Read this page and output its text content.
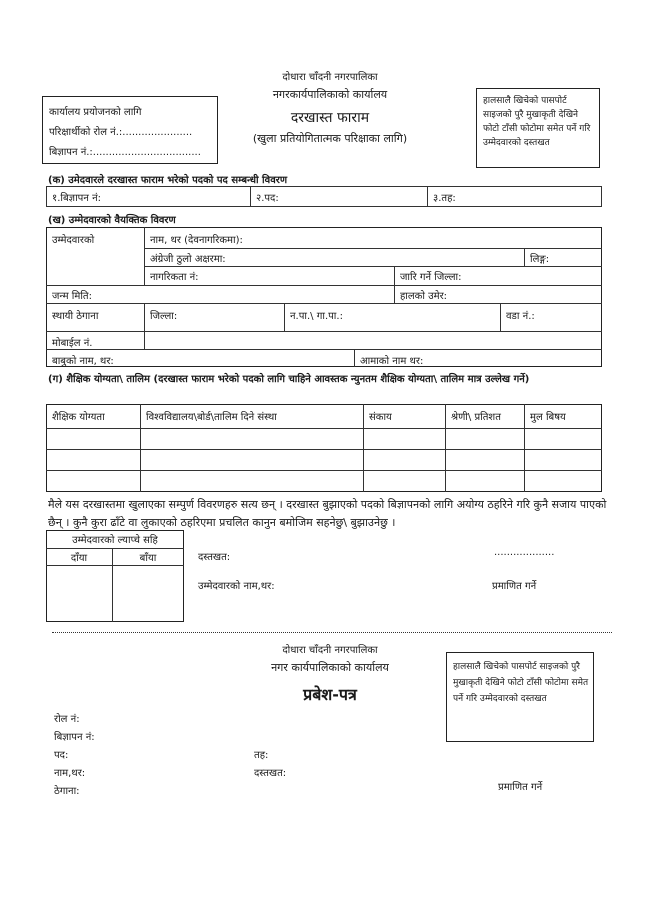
दोधारा चाँदनी नगरपालिका
नगरकार्यपालिकाको कार्यालय
दरखास्त फाराम
(खुला प्रतियोगितात्मक परिक्षाका लागि)
कार्यालय प्रयोजनको लागि
परिक्षार्थीको रोल नं.:......................
बिज्ञापन नं.:..................................
हालसालै खिचेको पासपोर्ट साइजको पुरै मुखाकृती देखिने फोटो टाँसी फोटोमा समेत पर्ने गरि उम्मेदवारको दस्तखत
(क) उमेदवारले दरखास्त फाराम भरेको पदको पद सम्बन्धी विवरण
१.बिज्ञापन नं:	२.पद:	३.तह:
(ख) उम्मेदवारको वैयक्तिक विवरण
उम्मेदवारको	नाम, थर (देवनागरिकमा):
अंग्रेजी ठुलो अक्षरमा:	लिङ्ग:
नागरिकता नं:	जारि गर्ने जिल्ला:
जन्म मिति:	हालको उमेर:
स्थायी ठेगाना	जिल्ला:	न.पा.\ गा.पा.:	वडा नं.:
मोबाईल नं.
बाबुको नाम, थर:	आमाको नाम थर:
(ग) शैक्षिक योग्यता\ तालिम (दरखास्त फाराम भरेको पदको लागि चाहिने आवस्तक न्युनतम शैक्षिक योग्यता\ तालिम मात्र उल्लेख गर्ने)
शैक्षिक योग्यता	विश्वविद्यालय\बोर्ड\तालिम दिने संस्था	संकाय	श्रेणी\ प्रतिशत	मुल बिषय
मैले यस दरखास्तमा खुलाएका सम्पुर्ण विवरणहरु सत्य छन् । दरखास्त बुझाएको पदको बिज्ञापनको लागि अयोग्य ठहरिने गरि कुनै सजाय पाएको छैन् । कुनै कुरा ढाँटे वा लुकाएको ठहरिएमा प्रचलित कानुन बमोजिम सहनेछु\ बुझाउनेछु ।
उम्मेदवारको ल्याप्चे सहि
दाँया	बाँया	दस्तखत:	...................
उम्मेदवारको नाम,थर:	प्रमाणित गर्ने
दोधारा चाँदनी नगरपालिका
नगर कार्यपालिकाको कार्यालय
प्रबेश-पत्र
हालसालै खिचेको पासपोर्ट साइजको पुरै मुखाकृती देखिने फोटो टाँसी फोटोमा समेत पर्ने गरि उम्मेदवारको दस्तखत
रोल नं:
बिज्ञापन नं:
पद:	तह:
नाम,थर:	दस्तखत:
ठेगाना:	प्रमाणित गर्ने
